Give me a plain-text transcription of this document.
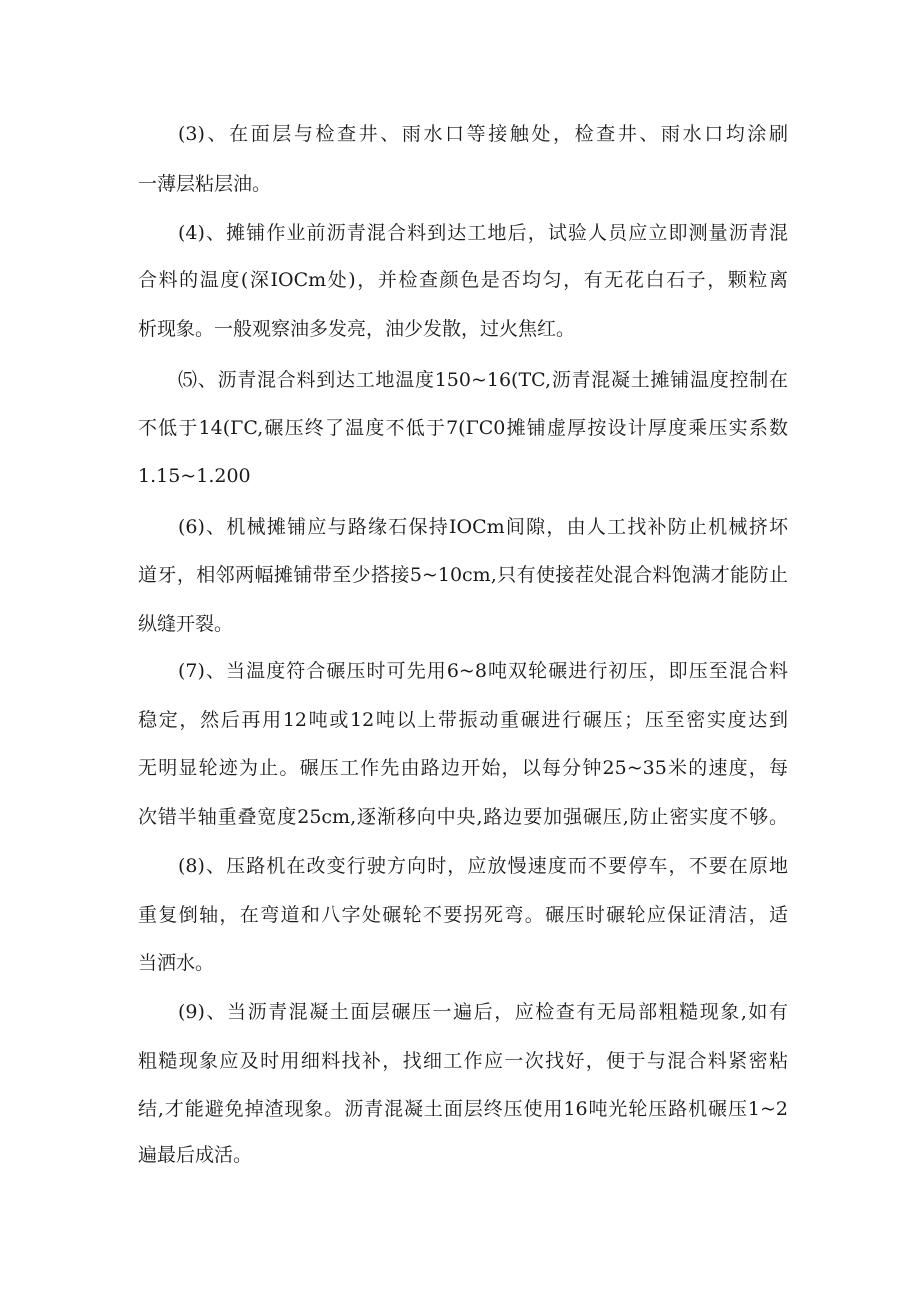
(3)、在面层与检查井、雨水口等接触处，检查井、雨水口均涂刷
一薄层粘层油。
(4)、摊铺作业前沥青混合料到达工地后，试验人员应立即测量沥青混
合料的温度(深IOCm处)，并检查颜色是否均匀，有无花白石子，颗粒离
析现象。一般观察油多发亮，油少发散，过火焦红。
⑸、沥青混合料到达工地温度150~16(TC,沥青混凝土摊铺温度控制在
不低于14(ΓC,碾压终了温度不低于7(ΓC0摊铺虚厚按设计厚度乘压实系数
1.15~1.200
(6)、机械摊铺应与路缘石保持IOCm间隙，由人工找补防止机械挤坏
道牙，相邻两幅摊铺带至少搭接5~10cm,只有使接茬处混合料饱满才能防止
纵缝开裂。
(7)、当温度符合碾压时可先用6~8吨双轮碾进行初压，即压至混合料
稳定，然后再用12吨或12吨以上带振动重碾进行碾压；压至密实度达到
无明显轮迹为止。碾压工作先由路边开始，以每分钟25~35米的速度，每
次错半轴重叠宽度25cm,逐渐移向中央,路边要加强碾压,防止密实度不够。
(8)、压路机在改变行驶方向时，应放慢速度而不要停车，不要在原地
重复倒轴，在弯道和八字处碾轮不要拐死弯。碾压时碾轮应保证清洁，适
当洒水。
(9)、当沥青混凝土面层碾压一遍后，应检查有无局部粗糙现象,如有
粗糙现象应及时用细料找补，找细工作应一次找好，便于与混合料紧密粘
结,才能避免掉渣现象。沥青混凝土面层终压使用16吨光轮压路机碾压1~2
遍最后成活。
